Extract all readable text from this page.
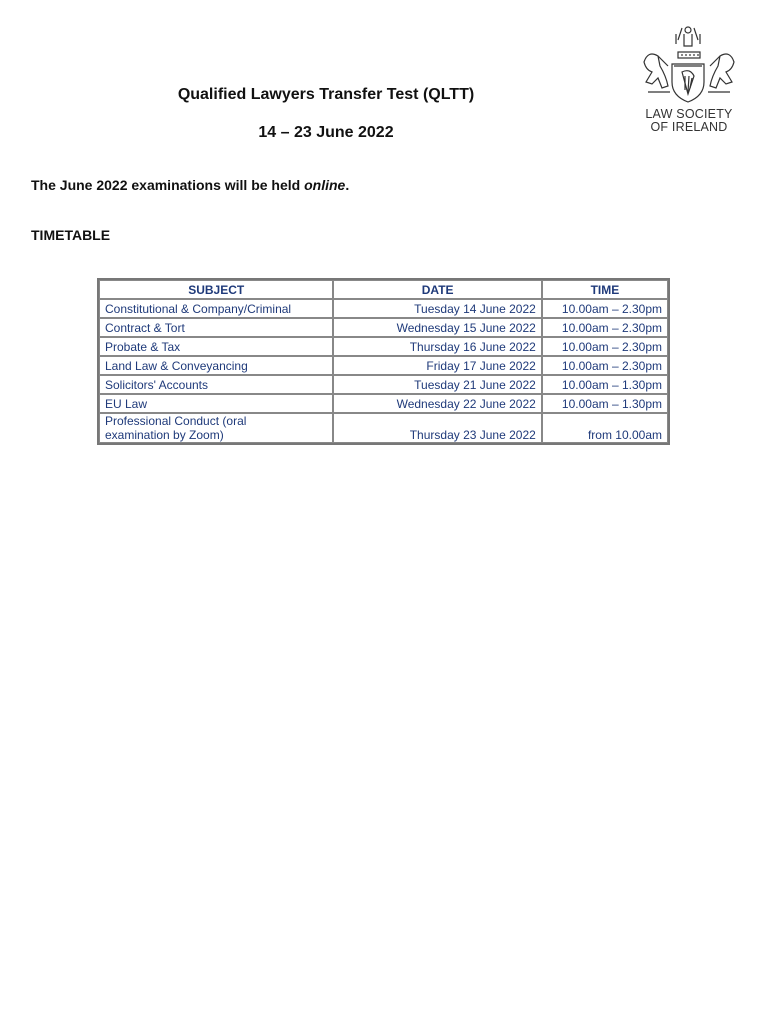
LAW SOCIETY
OF IRELAND
Qualified Lawyers Transfer Test (QLTT)
14 – 23 June 2022
The June 2022 examinations will be held online.
TIMETABLE
SUBJECT	DATE	TIME
Constitutional & Company/Criminal	Tuesday 14 June 2022	10.00am – 2.30pm
Contract & Tort	Wednesday 15 June 2022	10.00am – 2.30pm
Probate & Tax	Thursday 16 June 2022	10.00am – 2.30pm
Land Law & Conveyancing	Friday 17 June 2022	10.00am – 2.30pm
Solicitors' Accounts	Tuesday 21 June 2022	10.00am – 1.30pm
EU Law	Wednesday 22 June 2022	10.00am – 1.30pm

Professional Conduct (oral
examination by Zoom)	Thursday 23 June 2022	from 10.00am
